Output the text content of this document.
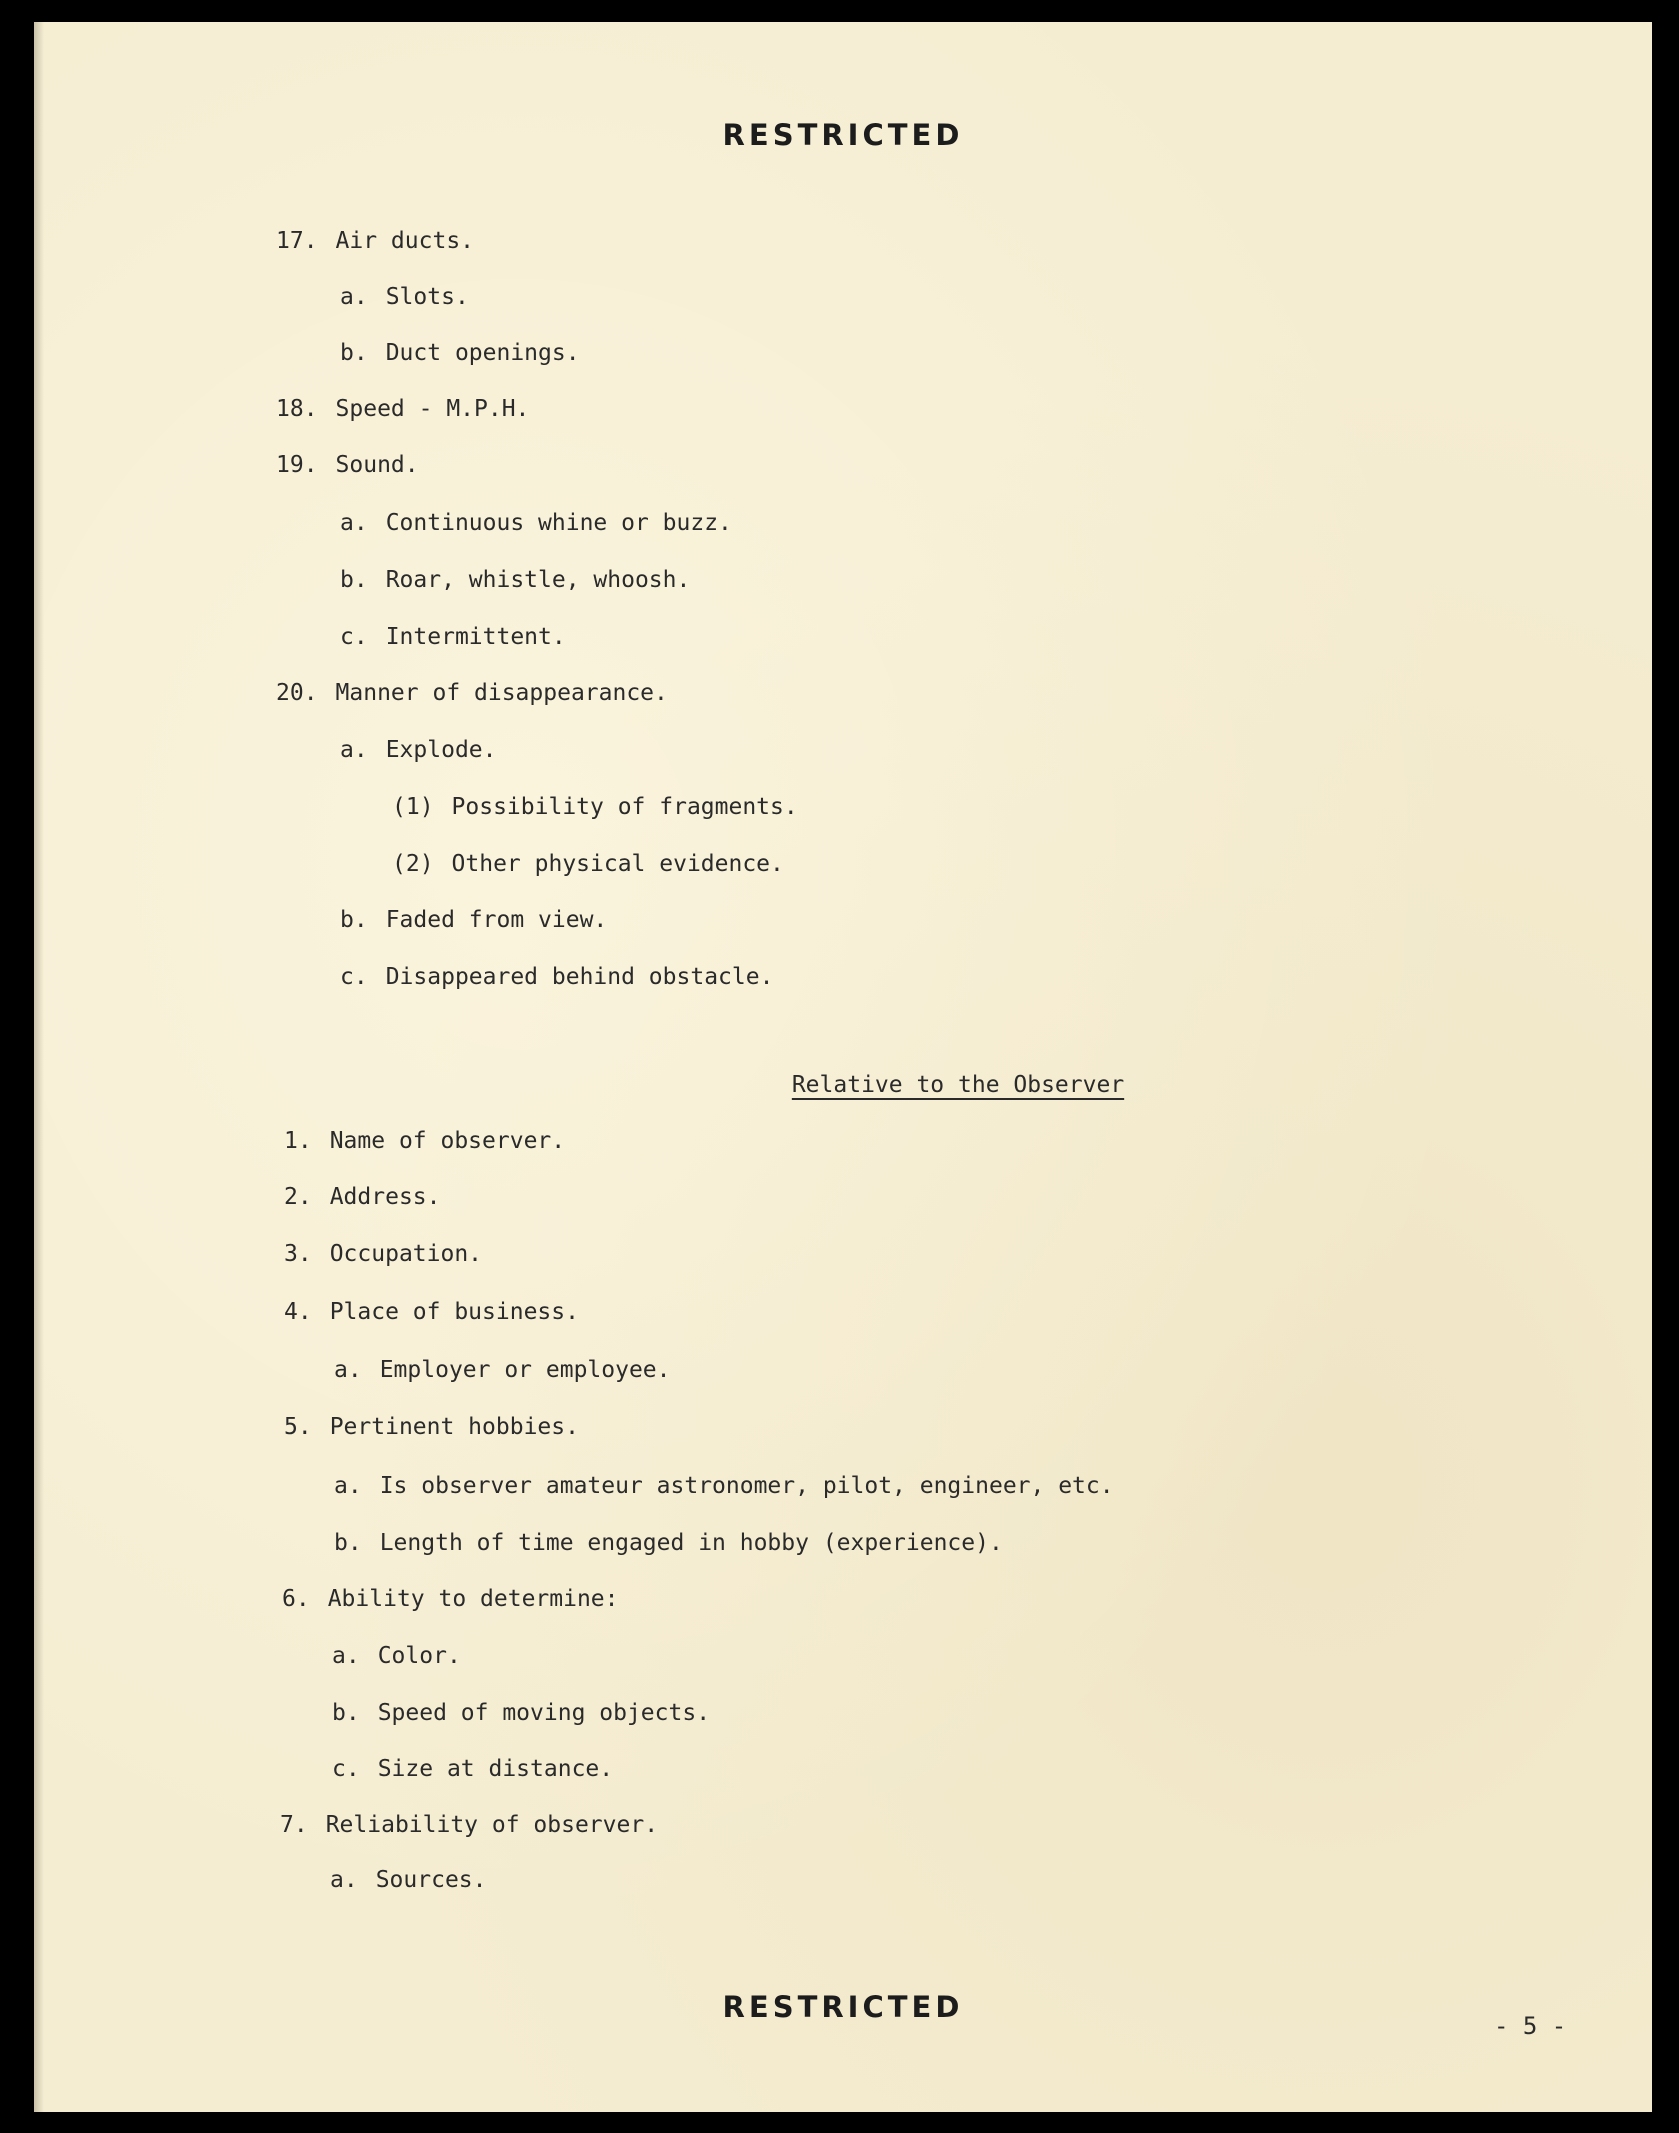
RESTRICTED
17. Air ducts.
a. Slots.
b. Duct openings.
18. Speed - M.P.H.
19. Sound.
a. Continuous whine or buzz.
b. Roar, whistle, whoosh.
c. Intermittent.
20. Manner of disappearance.
a. Explode.
(1) Possibility of fragments.
(2) Other physical evidence.
b. Faded from view.
c. Disappeared behind obstacle.
Relative to the Observer
1. Name of observer.
2. Address.
3. Occupation.
4. Place of business.
a. Employer or employee.
5. Pertinent hobbies.
a. Is observer amateur astronomer, pilot, engineer, etc.
b. Length of time engaged in hobby (experience).
6. Ability to determine:
a. Color.
b. Speed of moving objects.
c. Size at distance.
7. Reliability of observer.
a. Sources.
RESTRICTED
- 5 -
